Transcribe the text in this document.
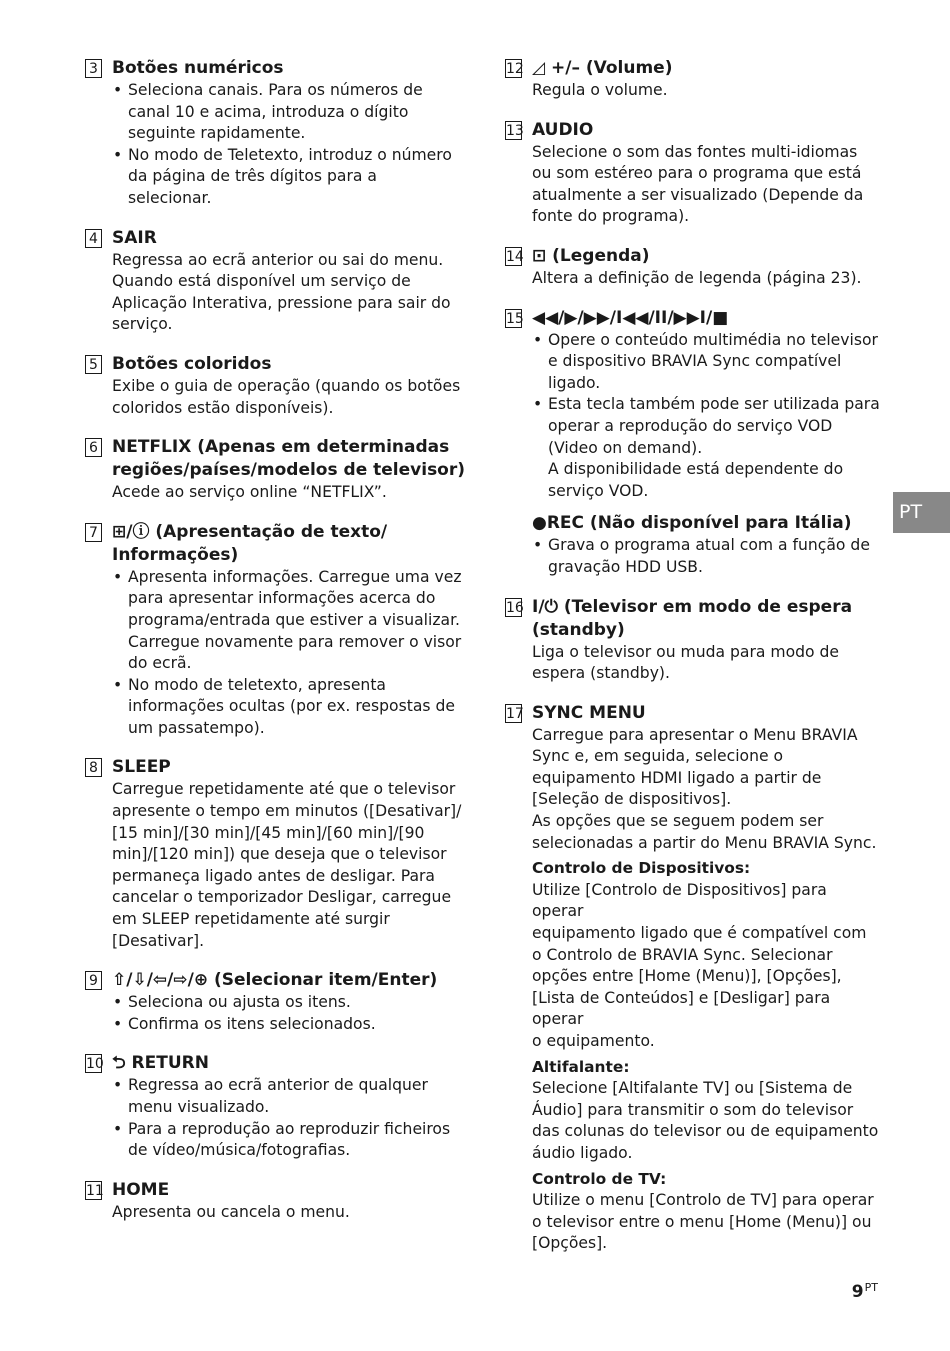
3 Botões numéricos
• Seleciona canais. Para os números de
canal 10 e acima, introduza o dígito
seguinte rapidamente.
• No modo de Teletexto, introduz o número
da página de três dígitos para a
selecionar.
4 SAIR

Regressa ao ecrã anterior ou sai do menu.
Quando está disponível um serviço de
Aplicação Interativa, pressione para sair do
serviço.

5 Botões coloridos

Exibe o guia de operação (quando os botões
coloridos estão disponíveis).

6 NETFLIX (Apenas em determinadas regiões/países/modelos de televisor)

Acede ao serviço online “NETFLIX”.

7 ⊞/ⓘ (Apresentação de texto/ Informações)
• Apresenta informações. Carregue uma vez
para apresentar informações acerca do
programa/entrada que estiver a visualizar.
Carregue novamente para remover o visor
do ecrã.
• No modo de teletexto, apresenta
informações ocultas (por ex. respostas de
um passatempo).
8 SLEEP

Carregue repetidamente até que o televisor
apresente o tempo em minutos ([Desativar]/
[15 min]/[30 min]/[45 min]/[60 min]/[90
min]/[120 min]) que deseja que o televisor
permaneça ligado antes de desligar. Para
cancelar o temporizador Desligar, carregue
em SLEEP repetidamente até surgir
[Desativar].

9 ⇧/⇩/⇦/⇨/⊕ (Selecionar item/Enter)
• Seleciona ou ajusta os itens.
• Confirma os itens selecionados.
10 ⮌ RETURN
• Regressa ao ecrã anterior de qualquer
menu visualizado.
• Para a reprodução ao reproduzir ficheiros
de vídeo/música/fotografias.
11 HOME

Apresenta ou cancela o menu.

12 ◿ +/– (Volume)

Regula o volume.

13 AUDIO

Selecione o som das fontes multi-idiomas
ou som estéreo para o programa que está
atualmente a ser visualizado (Depende da
fonte do programa).

14 ⊡ (Legenda)

Altera a definição de legenda (página 23).

15 ◀◀/▶/▶▶/I◀◀/II/▶▶I/■
• Opere o conteúdo multimédia no televisor
e dispositivo BRAVIA Sync compatível
ligado.
• Esta tecla também pode ser utilizada para
operar a reprodução do serviço VOD
(Video on demand).
A disponibilidade está dependente do
serviço VOD.
●REC (Não disponível para Itália)
• Grava o programa atual com a função de
gravação HDD USB.
16 I/⏻ (Televisor em modo de espera (standby)

Liga o televisor ou muda para modo de
espera (standby).

17 SYNC MENU

Carregue para apresentar o Menu BRAVIA
Sync e, em seguida, selecione o
equipamento HDMI ligado a partir de
[Seleção de dispositivos].
As opções que se seguem podem ser
selecionadas a partir do Menu BRAVIA Sync.

Controlo de Dispositivos:

Utilize [Controlo de Dispositivos] para operar
equipamento ligado que é compatível com
o Controlo de BRAVIA Sync. Selecionar
opções entre [Home (Menu)], [Opções],
[Lista de Conteúdos] e [Desligar] para operar
o equipamento.

Altifalante:

Selecione [Altifalante TV] ou [Sistema de
Áudio] para transmitir o som do televisor
das colunas do televisor ou de equipamento
áudio ligado.

Controlo de TV:

Utilize o menu [Controlo de TV] para operar
o televisor entre o menu [Home (Menu)] ou
[Opções].

PT
$9^{PT}$
